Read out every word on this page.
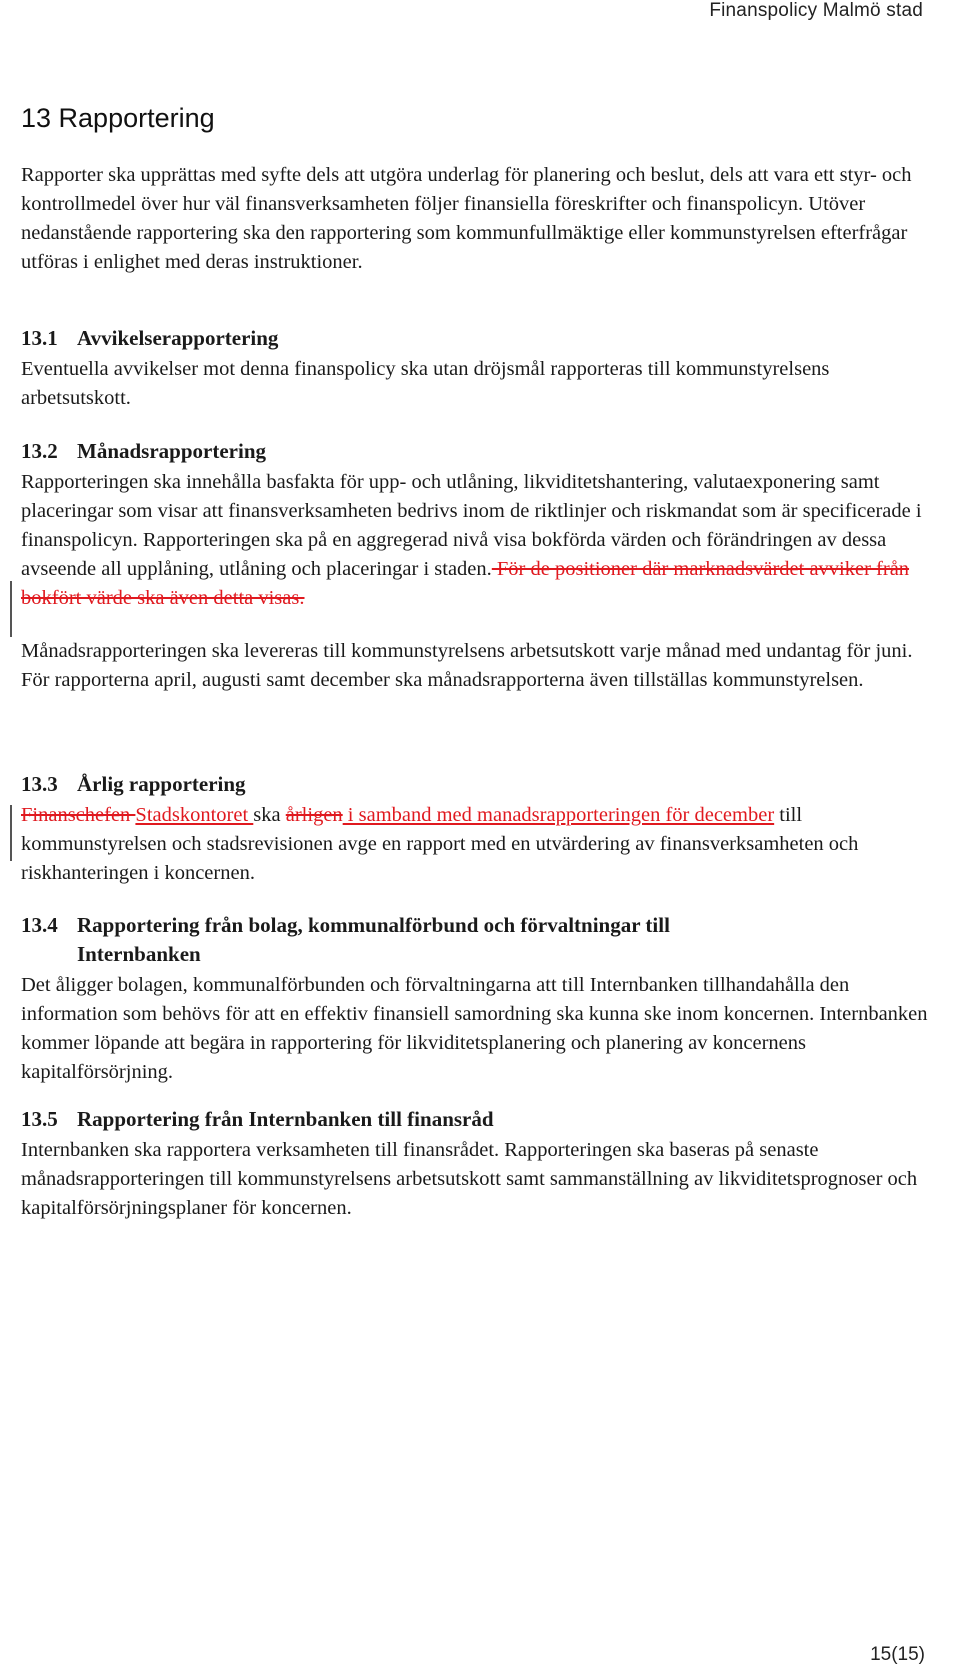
Finanspolicy Malmö stad
13 Rapportering

Rapporter ska upprättas med syfte dels att utgöra underlag för planering och beslut, dels att vara ett styr- och kontrollmedel över hur väl finansverksamheten följer finansiella föreskrifter och finanspolicyn. Utöver nedanstående rapportering ska den rapportering som kommunfullmäktige eller kommunstyrelsen efterfrågar utföras i enlighet med deras instruktioner.

13.1 Avvikelserapportering

Eventuella avvikelser mot denna finanspolicy ska utan dröjsmål rapporteras till kommunstyrelsens arbetsutskott.

13.2 Månadsrapportering

Rapporteringen ska innehålla basfakta för upp- och utlåning, likviditetshantering, valutaexponering samt placeringar som visar att finansverksamheten bedrivs inom de riktlinjer och riskmandat som är specificerade i finanspolicyn. Rapporteringen ska på en aggregerad nivå visa bokförda värden och förändringen av dessa avseende all upplåning, utlåning och placeringar i staden. För de positioner där marknadsvärdet avviker från bokfört värde ska även detta visas.

Månadsrapporteringen ska levereras till kommunstyrelsens arbetsutskott varje månad med undantag för juni. För rapporterna april, augusti samt december ska månadsrapporterna även tillställas kommunstyrelsen.

13.3 Årlig rapportering

Finanschefen Stadskontoret ska årligen i samband med manadsrapporteringen för december till kommunstyrelsen och stadsrevisionen avge en rapport med en utvärdering av finansverksamheten och riskhanteringen i koncernen.

13.4 Rapportering från bolag, kommunalförbund och förvaltningar till Internbanken

Det åligger bolagen, kommunalförbunden och förvaltningarna att till Internbanken tillhandahålla den information som behövs för att en effektiv finansiell samordning ska kunna ske inom koncernen. Internbanken kommer löpande att begära in rapportering för likviditetsplanering och planering av koncernens kapitalförsörjning.

13.5 Rapportering från Internbanken till finansråd

Internbanken ska rapportera verksamheten till finansrådet. Rapporteringen ska baseras på senaste månadsrapporteringen till kommunstyrelsens arbetsutskott samt sammanställning av likviditetsprognoser och kapitalförsörjningsplaner för koncernen.

15(15)
